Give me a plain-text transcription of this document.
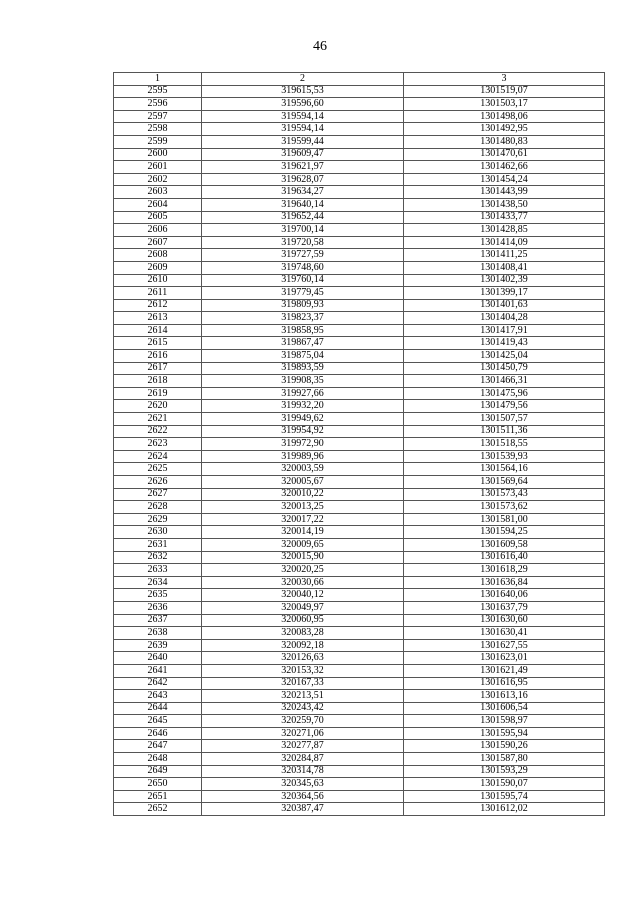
46
1	2	3
2595	319615,53	1301519,07
2596	319596,60	1301503,17
2597	319594,14	1301498,06
2598	319594,14	1301492,95
2599	319599,44	1301480,83
2600	319609,47	1301470,61
2601	319621,97	1301462,66
2602	319628,07	1301454,24
2603	319634,27	1301443,99
2604	319640,14	1301438,50
2605	319652,44	1301433,77
2606	319700,14	1301428,85
2607	319720,58	1301414,09
2608	319727,59	1301411,25
2609	319748,60	1301408,41
2610	319760,14	1301402,39
2611	319779,45	1301399,17
2612	319809,93	1301401,63
2613	319823,37	1301404,28
2614	319858,95	1301417,91
2615	319867,47	1301419,43
2616	319875,04	1301425,04
2617	319893,59	1301450,79
2618	319908,35	1301466,31
2619	319927,66	1301475,96
2620	319932,20	1301479,56
2621	319949,62	1301507,57
2622	319954,92	1301511,36
2623	319972,90	1301518,55
2624	319989,96	1301539,93
2625	320003,59	1301564,16
2626	320005,67	1301569,64
2627	320010,22	1301573,43
2628	320013,25	1301573,62
2629	320017,22	1301581,00
2630	320014,19	1301594,25
2631	320009,65	1301609,58
2632	320015,90	1301616,40
2633	320020,25	1301618,29
2634	320030,66	1301636,84
2635	320040,12	1301640,06
2636	320049,97	1301637,79
2637	320060,95	1301630,60
2638	320083,28	1301630,41
2639	320092,18	1301627,55
2640	320126,63	1301623,01
2641	320153,32	1301621,49
2642	320167,33	1301616,95
2643	320213,51	1301613,16
2644	320243,42	1301606,54
2645	320259,70	1301598,97
2646	320271,06	1301595,94
2647	320277,87	1301590,26
2648	320284,87	1301587,80
2649	320314,78	1301593,29
2650	320345,63	1301590,07
2651	320364,56	1301595,74
2652	320387,47	1301612,02
